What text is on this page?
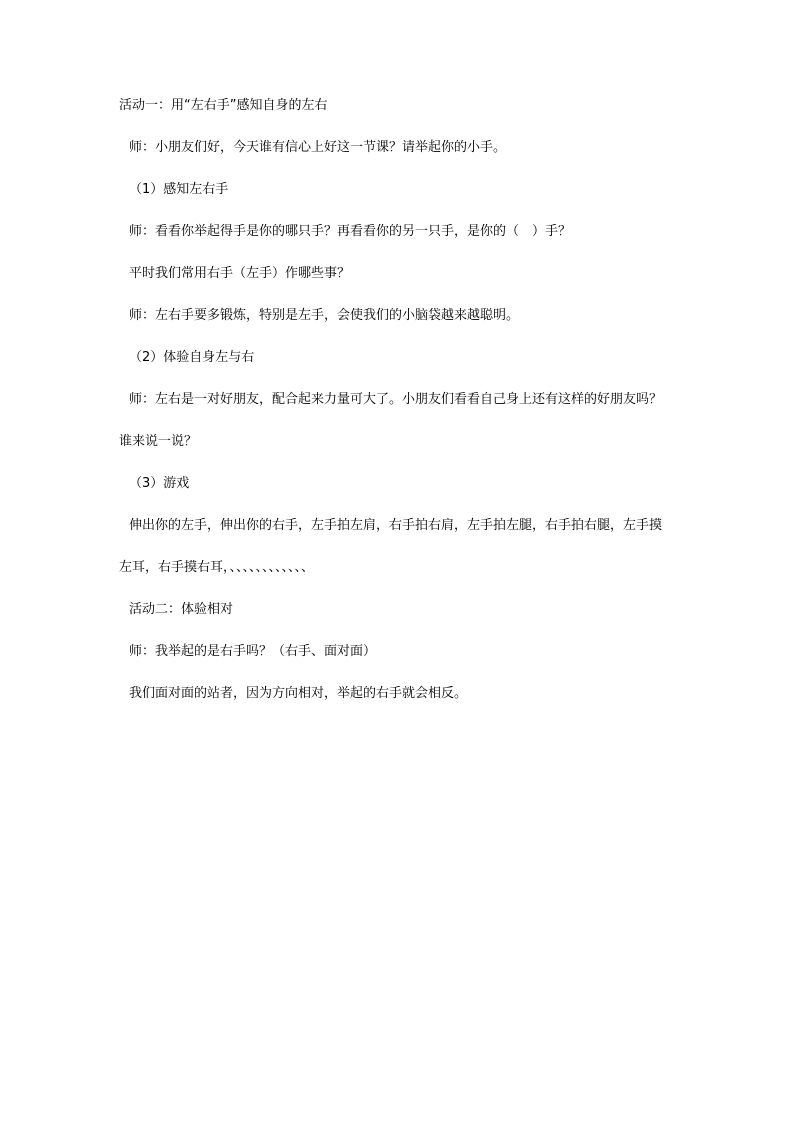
活动一：用“左右手”感知自身的左右

师：小朋友们好，今天谁有信心上好这一节课？请举起你的小手。

（1）感知左右手

师：看看你举起得手是你的哪只手？再看看你的另一只手，是你的（　）手？

平时我们常用右手（左手）作哪些事？

师：左右手要多锻炼，特别是左手，会使我们的小脑袋越来越聪明。

（2）体验自身左与右

师：左右是一对好朋友，配合起来力量可大了。小朋友们看看自己身上还有这样的好朋友吗？

谁来说一说？

（3）游戏

伸出你的左手，伸出你的右手，左手拍左肩，右手拍右肩，左手拍左腿，右手拍右腿，左手摸

左耳，右手摸右耳，、、、、、、、、、、、、

活动二：体验相对

师：我举起的是右手吗？（右手、面对面）

我们面对面的站者，因为方向相对，举起的右手就会相反。
